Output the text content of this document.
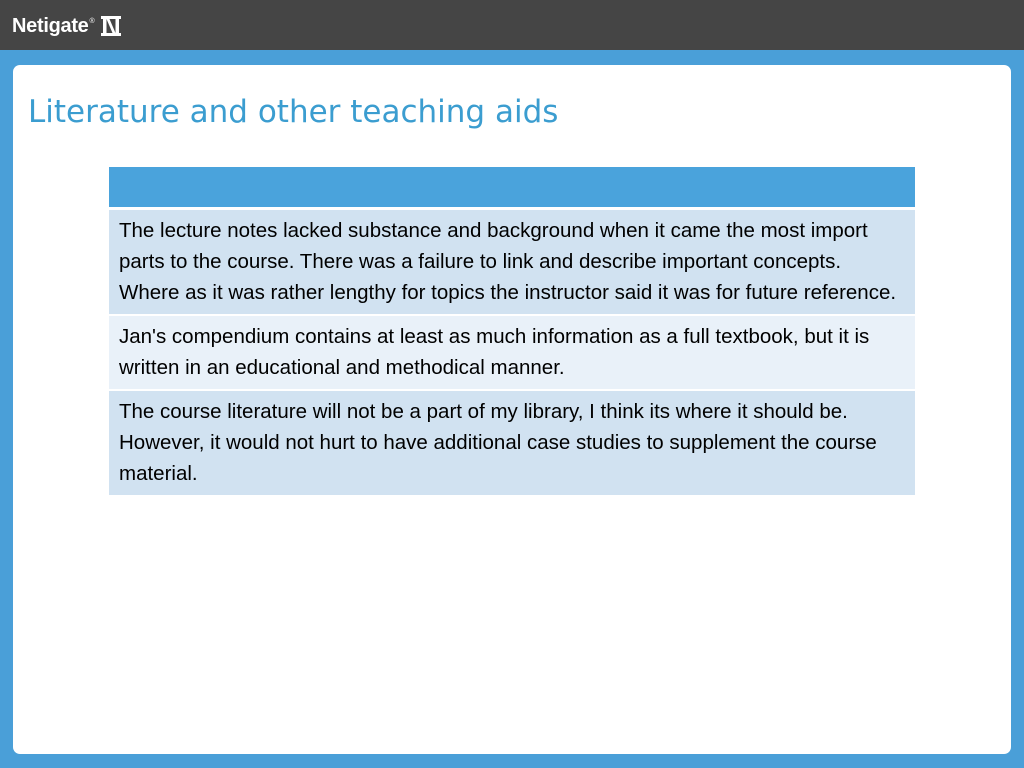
Netigate ®
Literature and other teaching aids

The lecture notes lacked substance and background when it came the most import parts to the course. There was a failure to link and describe important concepts. Where as it was rather lengthy for topics the instructor said it was for future reference.
Jan's compendium contains at least as much information as a full textbook, but it is written in an educational and methodical manner.
The course literature will not be a part of my library, I think its where it should be. However, it would not hurt to have additional case studies to supplement the course material.
